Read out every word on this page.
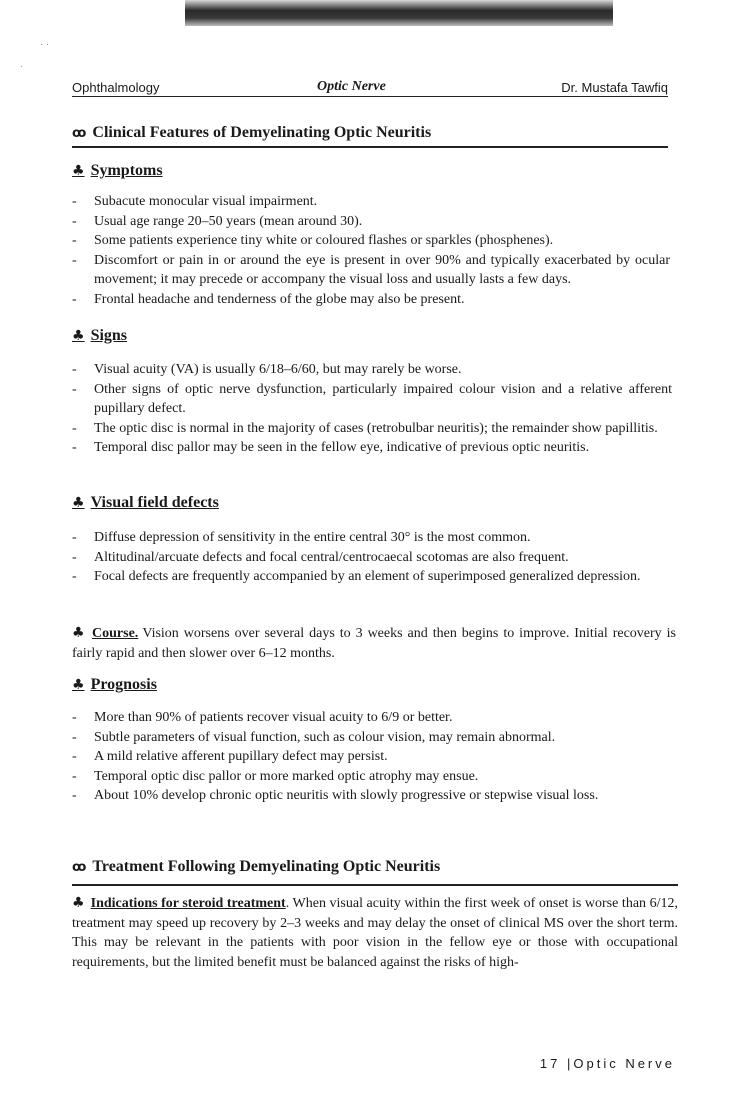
· ·
·
Ophthalmology	Optic Nerve	Dr. Mustafa Tawfiq
ꝏ Clinical Features of Demyelinating Optic Neuritis
♣ Symptoms
- Subacute monocular visual impairment.
- Usual age range 20–50 years (mean around 30).
- Some patients experience tiny white or coloured flashes or sparkles (phosphenes).
- Discomfort or pain in or around the eye is present in over 90% and typically exacerbated by ocular movement; it may precede or accompany the visual loss and usually lasts a few days.
- Frontal headache and tenderness of the globe may also be present.
♣ Signs
- Visual acuity (VA) is usually 6/18–6/60, but may rarely be worse.
- Other signs of optic nerve dysfunction, particularly impaired colour vision and a relative afferent pupillary defect.
- The optic disc is normal in the majority of cases (retrobulbar neuritis); the remainder show papillitis.
- Temporal disc pallor may be seen in the fellow eye, indicative of previous optic neuritis.
♣ Visual field defects
- Diffuse depression of sensitivity in the entire central 30° is the most common.
- Altitudinal/arcuate defects and focal central/centrocaecal scotomas are also frequent.
- Focal defects are frequently accompanied by an element of superimposed generalized depression.
♣ Course. Vision worsens over several days to 3 weeks and then begins to improve. Initial recovery is fairly rapid and then slower over 6–12 months.
♣ Prognosis
- More than 90% of patients recover visual acuity to 6/9 or better.
- Subtle parameters of visual function, such as colour vision, may remain abnormal.
- A mild relative afferent pupillary defect may persist.
- Temporal optic disc pallor or more marked optic atrophy may ensue.
- About 10% develop chronic optic neuritis with slowly progressive or stepwise visual loss.
ꝏ Treatment Following Demyelinating Optic Neuritis
♣ Indications for steroid treatment. When visual acuity within the first week of onset is worse than 6/12, treatment may speed up recovery by 2–3 weeks and may delay the onset of clinical MS over the short term. This may be relevant in the patients with poor vision in the fellow eye or those with occupational requirements, but the limited benefit must be balanced against the risks of high-
17 |Optic Nerve
